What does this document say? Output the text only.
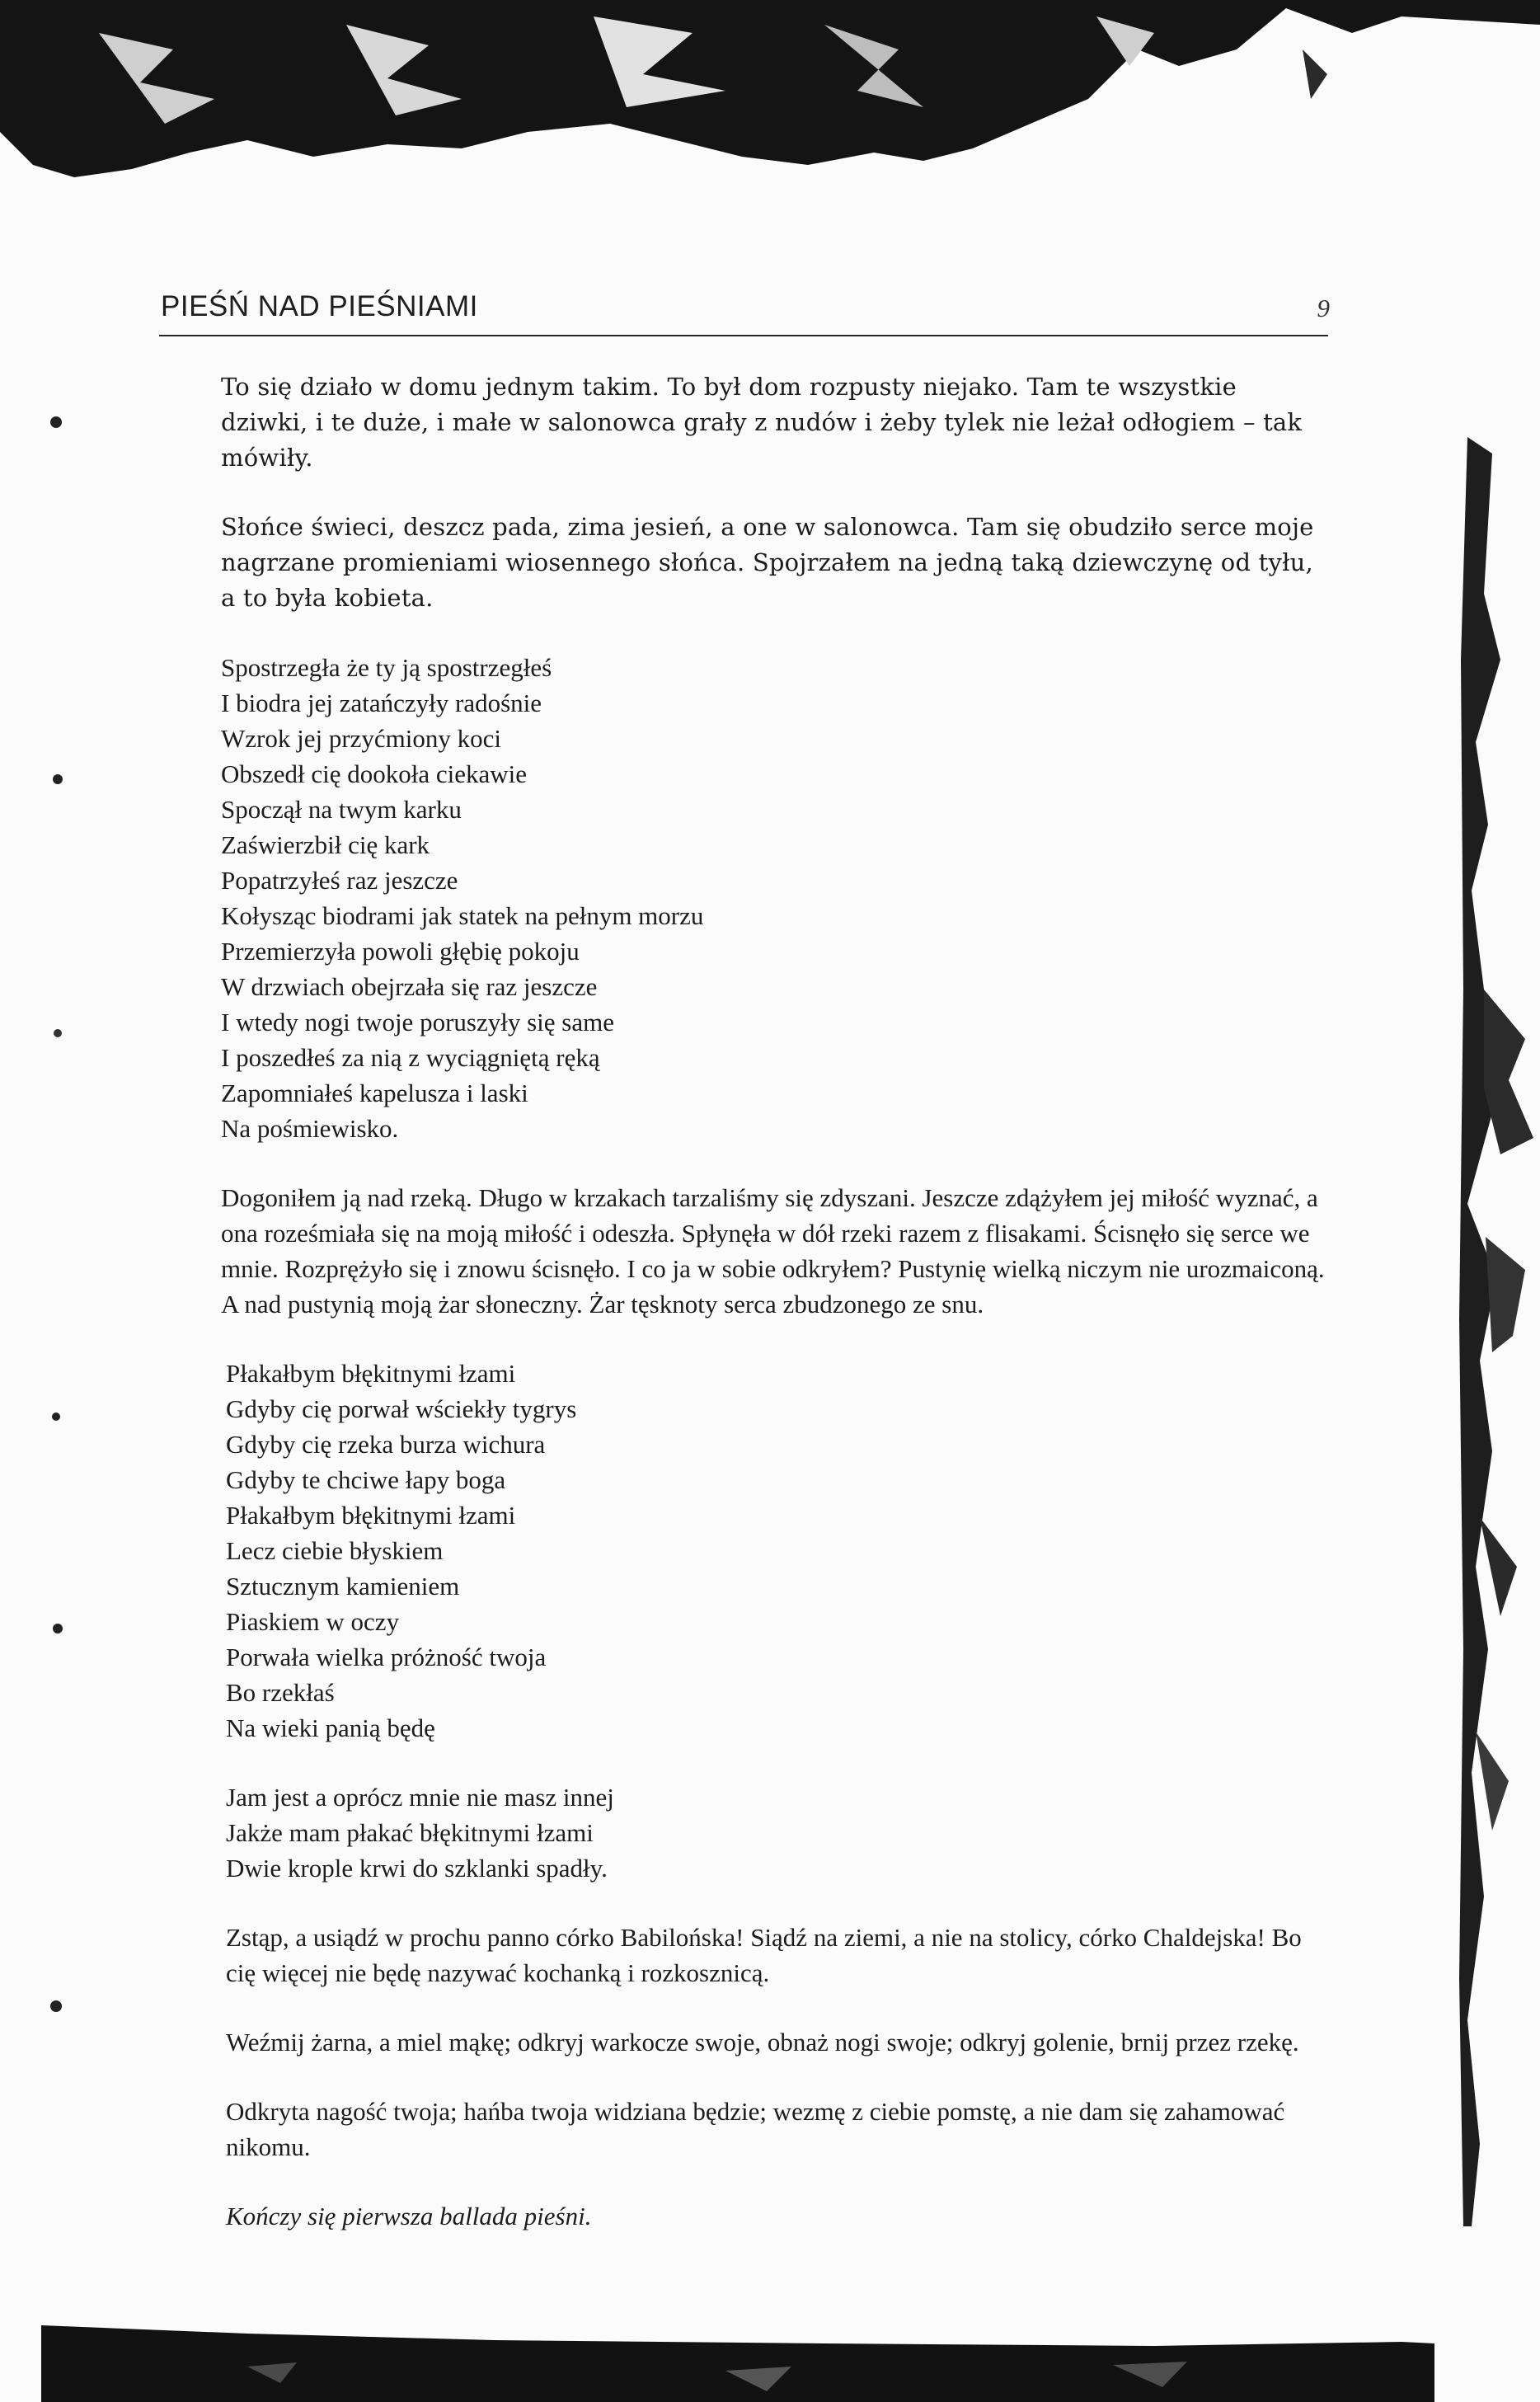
PIEŚŃ NAD PIEŚNIAMI	9

To się działo w domu jednym takim. To był dom rozpusty niejako. Tam te wszystkie dziwki, i te duże, i małe w salonowca grały z nudów i żeby tylek nie leżał odłogiem – tak mówiły.

Słońce świeci, deszcz pada, zima jesień, a one w salonowca. Tam się obudziło serce moje nagrzane promieniami wiosennego słońca. Spojrzałem na jedną taką dziewczynę od tyłu, a to była kobieta.

Spostrzegła że ty ją spostrzegłeś
I biodra jej zatańczyły radośnie
Wzrok jej przyćmiony koci
Obszedł cię dookoła ciekawie
Spoczął na twym karku
Zaświerzbił cię kark
Popatrzyłeś raz jeszcze
Kołysząc biodrami jak statek na pełnym morzu
Przemierzyła powoli głębię pokoju
W drzwiach obejrzała się raz jeszcze
I wtedy nogi twoje poruszyły się same
I poszedłeś za nią z wyciągniętą ręką
Zapomniałeś kapelusza i laski
Na pośmiewisko.

Dogoniłem ją nad rzeką. Długo w krzakach tarzaliśmy się zdyszani. Jeszcze zdążyłem jej miłość wyznać, a ona roześmiała się na moją miłość i odeszła. Spłynęła w dół rzeki razem z flisakami. Ścisnęło się serce we mnie. Rozprężyło się i znowu ścisnęło. I co ja w sobie odkryłem? Pustynię wielką niczym nie urozmaiconą. A nad pustynią moją żar słoneczny. Żar tęsknoty serca zbudzonego ze snu.

Płakałbym błękitnymi łzami
Gdyby cię porwał wściekły tygrys
Gdyby cię rzeka burza wichura
Gdyby te chciwe łapy boga
Płakałbym błękitnymi łzami
Lecz ciebie błyskiem
Sztucznym kamieniem
Piaskiem w oczy
Porwała wielka próżność twoja
Bo rzekłaś
Na wieki panią będę
Jam jest a oprócz mnie nie masz innej
Jakże mam płakać błękitnymi łzami
Dwie krople krwi do szklanki spadły.

Zstąp, a usiądź w prochu panno córko Babilońska! Siądź na ziemi, a nie na stolicy, córko Chaldejska! Bo cię więcej nie będę nazywać kochanką i rozkosznicą.

Weźmij żarna, a miel mąkę; odkryj warkocze swoje, obnaż nogi swoje; odkryj golenie, brnij przez rzekę.

Odkryta nagość twoja; hańba twoja widziana będzie; wezmę z ciebie pomstę, a nie dam się zahamować nikomu.

Kończy się pierwsza ballada pieśni.
